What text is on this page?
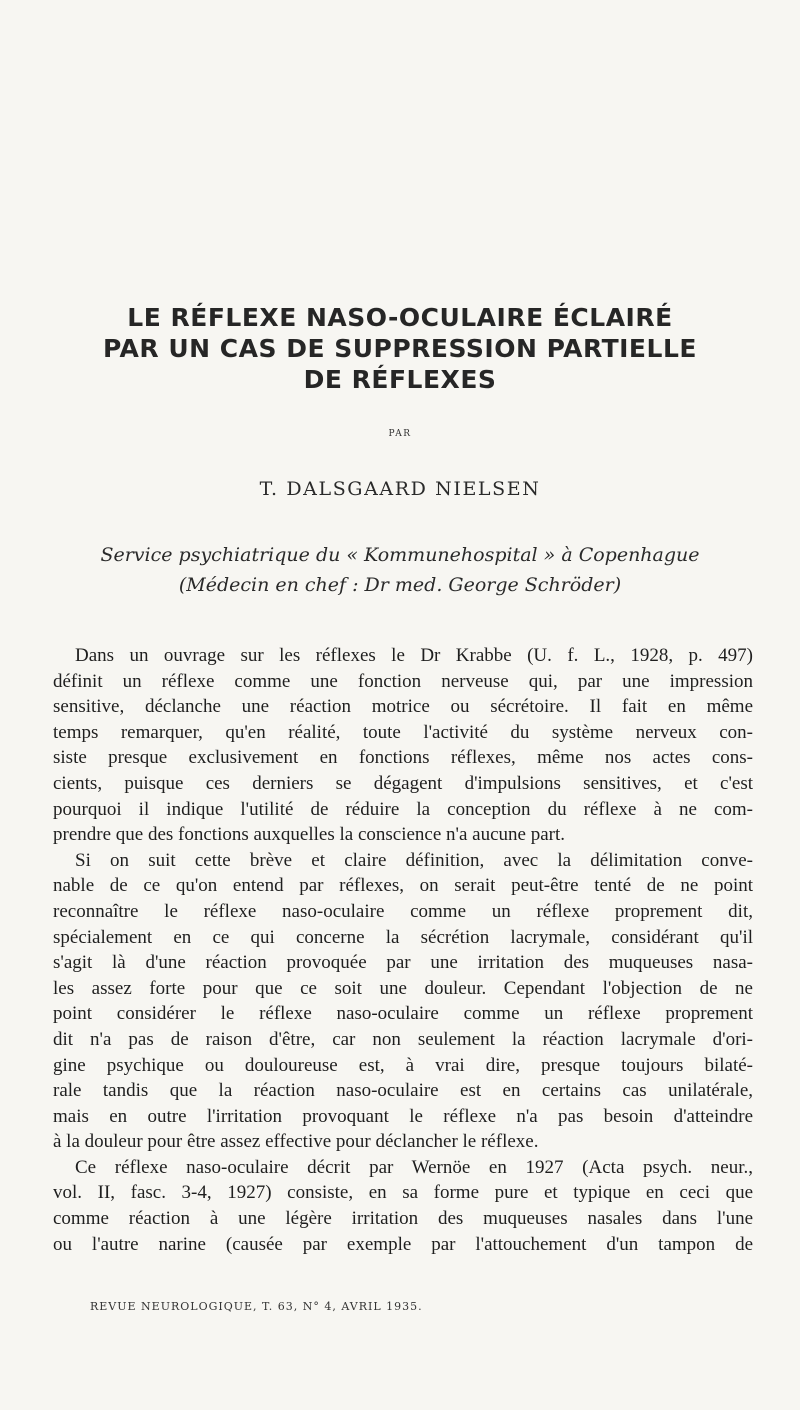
LE RÉFLEXE NASO-OCULAIRE ÉCLAIRÉ
PAR UN CAS DE SUPPRESSION PARTIELLE
DE RÉFLEXES
PAR
T. DALSGAARD NIELSEN
Service psychiatrique du « Kommunehospital » à Copenhague
(Médecin en chef : Dr med. George Schröder)
Dans un ouvrage sur les réflexes le Dr Krabbe (U. f. L., 1928, p. 497)
définit un réflexe comme une fonction nerveuse qui, par une impression
sensitive, déclanche une réaction motrice ou sécrétoire. Il fait en même
temps remarquer, qu'en réalité, toute l'activité du système nerveux con-
siste presque exclusivement en fonctions réflexes, même nos actes cons-
cients, puisque ces derniers se dégagent d'impulsions sensitives, et c'est
pourquoi il indique l'utilité de réduire la conception du réflexe à ne com-
prendre que des fonctions auxquelles la conscience n'a aucune part.
Si on suit cette brève et claire définition, avec la délimitation conve-
nable de ce qu'on entend par réflexes, on serait peut-être tenté de ne point
reconnaître le réflexe naso-oculaire comme un réflexe proprement dit,
spécialement en ce qui concerne la sécrétion lacrymale, considérant qu'il
s'agit là d'une réaction provoquée par une irritation des muqueuses nasa-
les assez forte pour que ce soit une douleur. Cependant l'objection de ne
point considérer le réflexe naso-oculaire comme un réflexe proprement
dit n'a pas de raison d'être, car non seulement la réaction lacrymale d'ori-
gine psychique ou douloureuse est, à vrai dire, presque toujours bilaté-
rale tandis que la réaction naso-oculaire est en certains cas unilatérale,
mais en outre l'irritation provoquant le réflexe n'a pas besoin d'atteindre
à la douleur pour être assez effective pour déclancher le réflexe.
Ce réflexe naso-oculaire décrit par Wernöe en 1927 (Acta psych. neur.,
vol. II, fasc. 3-4, 1927) consiste, en sa forme pure et typique en ceci que
comme réaction à une légère irritation des muqueuses nasales dans l'une
ou l'autre narine (causée par exemple par l'attouchement d'un tampon de
REVUE NEUROLOGIQUE, T. 63, N° 4, AVRIL 1935.
